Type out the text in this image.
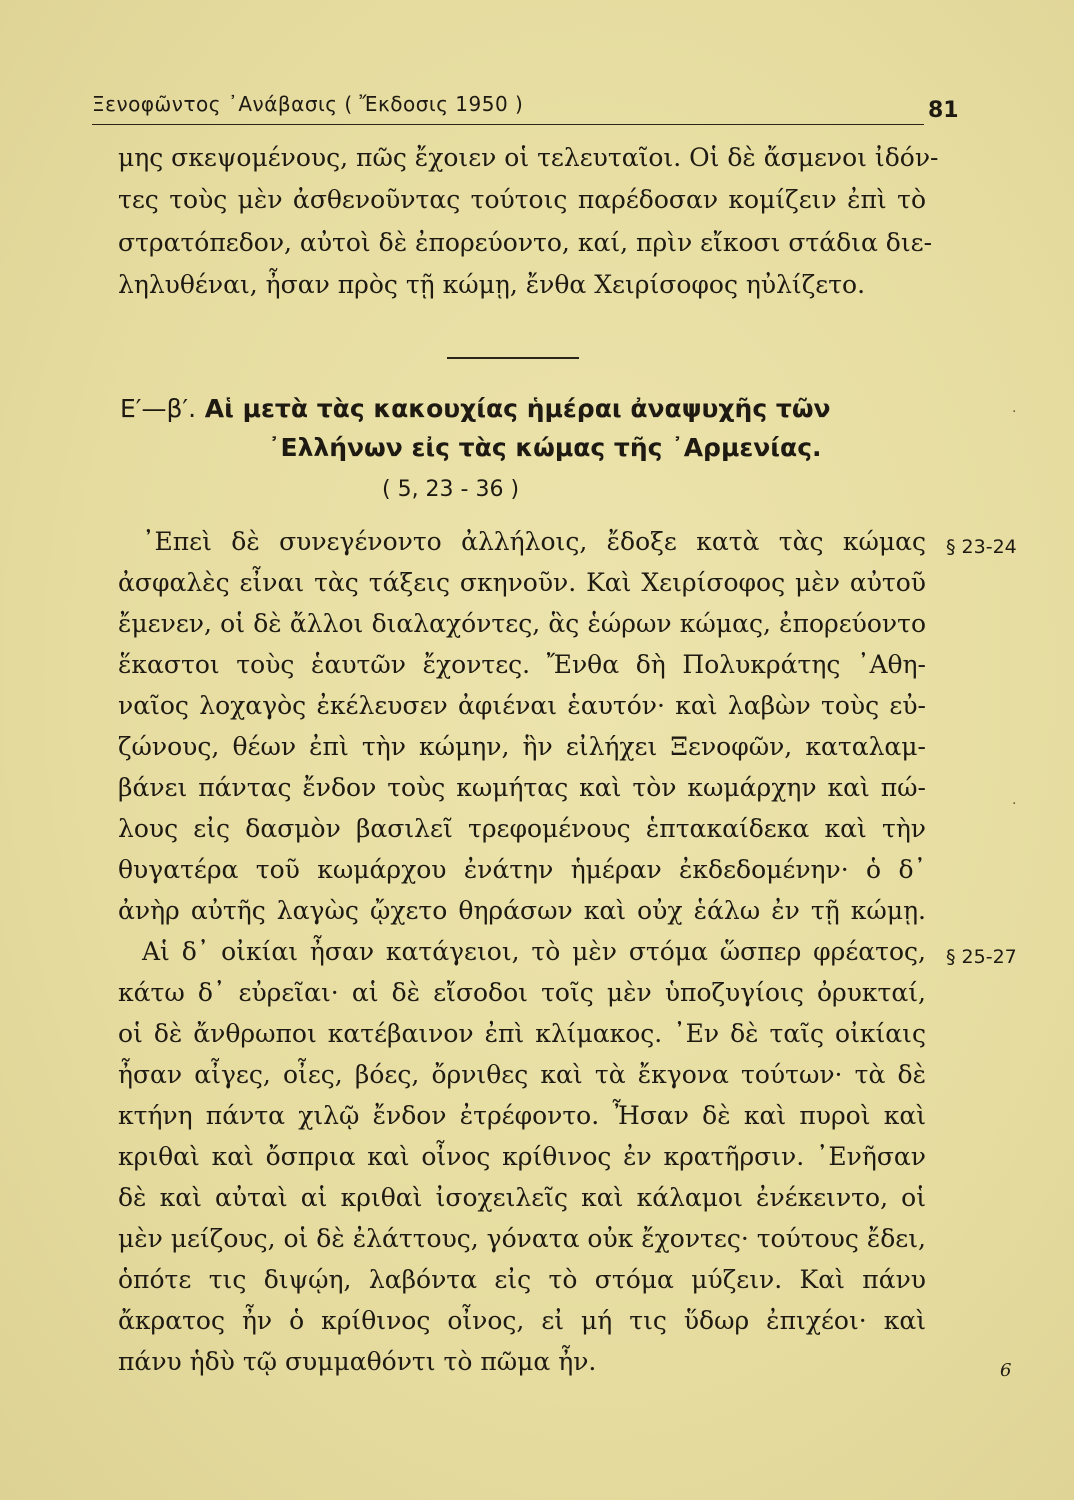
Ξενοφῶντος ᾿Ανάβασις ( Ἔκδοσις 1950 )	81
μης σκεψομένους, πῶς ἔχοιεν οἱ τελευταῖοι. Οἱ δὲ ἄσμενοι ἰδόν-
τες τοὺς μὲν ἀσθενοῦντας τούτοις παρέδοσαν κομίζειν ἐπὶ τὸ
στρατόπεδον, αὐτοὶ δὲ ἐπορεύοντο, καί, πρὶν εἴκοσι στάδια διε-
ληλυθέναι, ἦσαν πρὸς τῇ κώμῃ, ἔνθα Χειρίσοφος ηὐλίζετο.
Ε′—β′. Αἱ μετὰ τὰς κακουχίας ἡμέραι ἀναψυχῆς τῶν
᾿Ελλήνων εἰς τὰς κώμας τῆς ᾿Αρμενίας.
( 5, 23 - 36 )
᾿Επεὶ δὲ συνεγένοντο ἀλλήλοις, ἔδοξε κατὰ τὰς κώμας
ἀσφαλὲς εἶναι τὰς τάξεις σκηνοῦν. Καὶ Χειρίσοφος μὲν αὐτοῦ
ἔμενεν, οἱ δὲ ἄλλοι διαλαχόντες, ἃς ἑώρων κώμας, ἐπορεύοντο
ἕκαστοι τοὺς ἑαυτῶν ἔχοντες. Ἔνθα δὴ Πολυκράτης ᾿Αθη-
ναῖος λοχαγὸς ἐκέλευσεν ἀφιέναι ἑαυτόν· καὶ λαβὼν τοὺς εὐ-
ζώνους, θέων ἐπὶ τὴν κώμην, ἣν εἰλήχει Ξενοφῶν, καταλαμ-
βάνει πάντας ἔνδον τοὺς κωμήτας καὶ τὸν κωμάρχην καὶ πώ-
λους εἰς δασμὸν βασιλεῖ τρεφομένους ἑπτακαίδεκα καὶ τὴν
θυγατέρα τοῦ κωμάρχου ἐνάτην ἡμέραν ἐκδεδομένην· ὁ δ᾿
ἀνὴρ αὐτῆς λαγὼς ᾤχετο θηράσων καὶ οὐχ ἑάλω ἐν τῇ κώμῃ.
Αἱ δ᾿ οἰκίαι ἦσαν κατάγειοι, τὸ μὲν στόμα ὥσπερ φρέατος,
κάτω δ᾿ εὐρεῖαι· αἱ δὲ εἴσοδοι τοῖς μὲν ὑποζυγίοις ὀρυκταί,
οἱ δὲ ἄνθρωποι κατέβαινον ἐπὶ κλίμακος. ᾿Εν δὲ ταῖς οἰκίαις
ἦσαν αἶγες, οἶες, βόες, ὄρνιθες καὶ τὰ ἔκγονα τούτων· τὰ δὲ
κτήνη πάντα χιλῷ ἔνδον ἐτρέφοντο. Ἦσαν δὲ καὶ πυροὶ καὶ
κριθαὶ καὶ ὄσπρια καὶ οἶνος κρίθινος ἐν κρατῆρσιν. ᾿Ενῆσαν
δὲ καὶ αὐταὶ αἱ κριθαὶ ἰσοχειλεῖς καὶ κάλαμοι ἐνέκειντο, οἱ
μὲν μείζους, οἱ δὲ ἐλάττους, γόνατα οὐκ ἔχοντες· τούτους ἔδει,
ὁπότε τις διψῴη, λαβόντα εἰς τὸ στόμα μύζειν. Καὶ πάνυ
ἄκρατος ἦν ὁ κρίθινος οἶνος, εἰ μή τις ὕδωρ ἐπιχέοι· καὶ
πάνυ ἡδὺ τῷ συμμαθόντι τὸ πῶμα ἦν.
§ 23-24
§ 25-27
6
·
·
